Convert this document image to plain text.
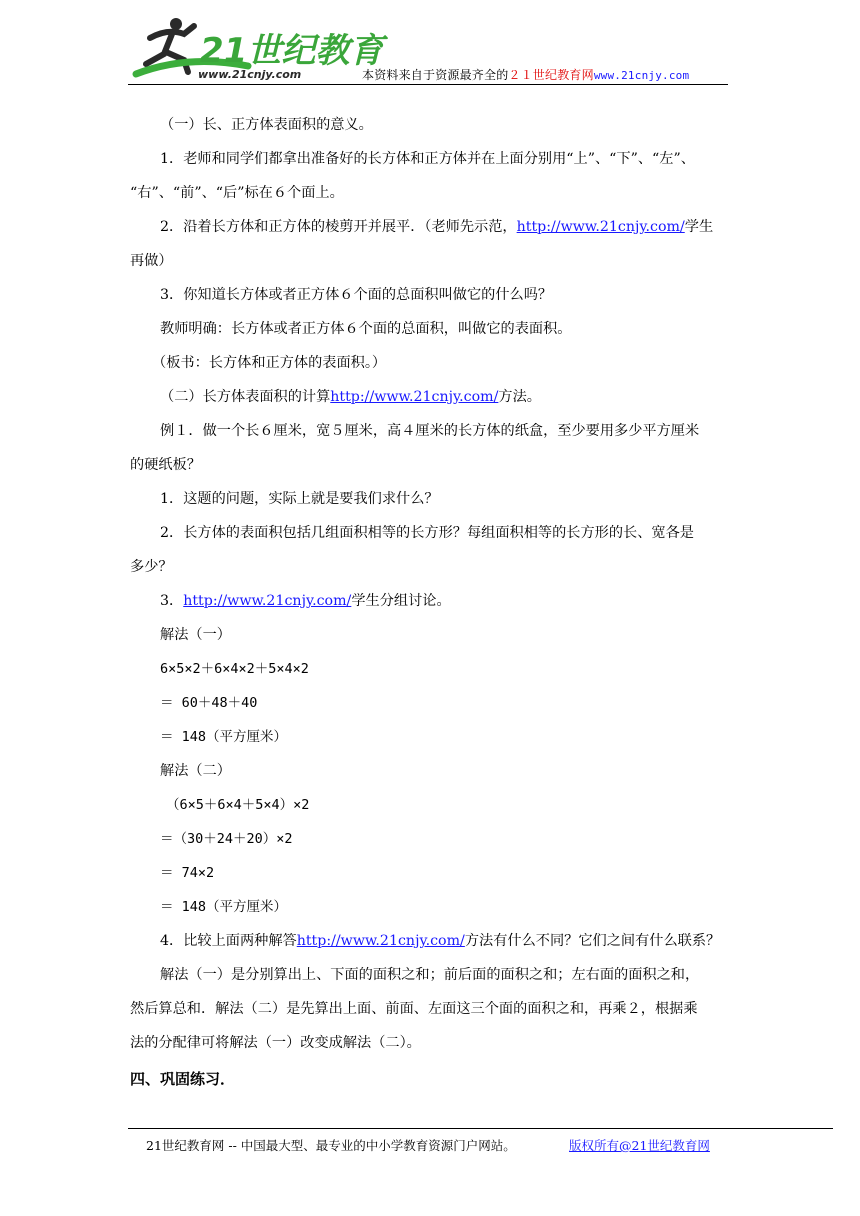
21世纪教育
www.21cnjy.com	本资料来自于资源最齐全的２１世纪教育网www.21cnjy.com
（一）长、正方体表面积的意义。
1．老师和同学们都拿出准备好的长方体和正方体并在上面分别用“上”、“下”、“左”、
“右”、“前”、“后”标在６个面上。
2．沿着长方体和正方体的棱剪开并展平．（老师先示范，http://www.21cnjy.com/学生
再做）
3．你知道长方体或者正方体６个面的总面积叫做它的什么吗？
教师明确：长方体或者正方体６个面的总面积，叫做它的表面积。
（板书：长方体和正方体的表面积。）
（二）长方体表面积的计算http://www.21cnjy.com/方法。
例１．做一个长６厘米，宽５厘米，高４厘米的长方体的纸盒，至少要用多少平方厘米
的硬纸板？
1．这题的问题，实际上就是要我们求什么？
2．长方体的表面积包括几组面积相等的长方形？每组面积相等的长方形的长、宽各是
多少？
3．http://www.21cnjy.com/学生分组讨论。
解法（一）
6×5×2＋6×4×2＋5×4×2
＝ 60＋48＋40
＝ 148（平方厘米）
解法（二）
（6×5＋6×4＋5×4）×2
＝（30＋24＋20）×2
＝ 74×2
＝ 148（平方厘米）
4．比较上面两种解答http://www.21cnjy.com/方法有什么不同？它们之间有什么联系？
解法（一）是分别算出上、下面的面积之和；前后面的面积之和；左右面的面积之和，
然后算总和．解法（二）是先算出上面、前面、左面这三个面的面积之和，再乘２，根据乘
法的分配律可将解法（一）改变成解法（二）。
四、巩固练习．
21世纪教育网 -- 中国最大型、最专业的中小学教育资源门户网站。	版权所有@21世纪教育网
